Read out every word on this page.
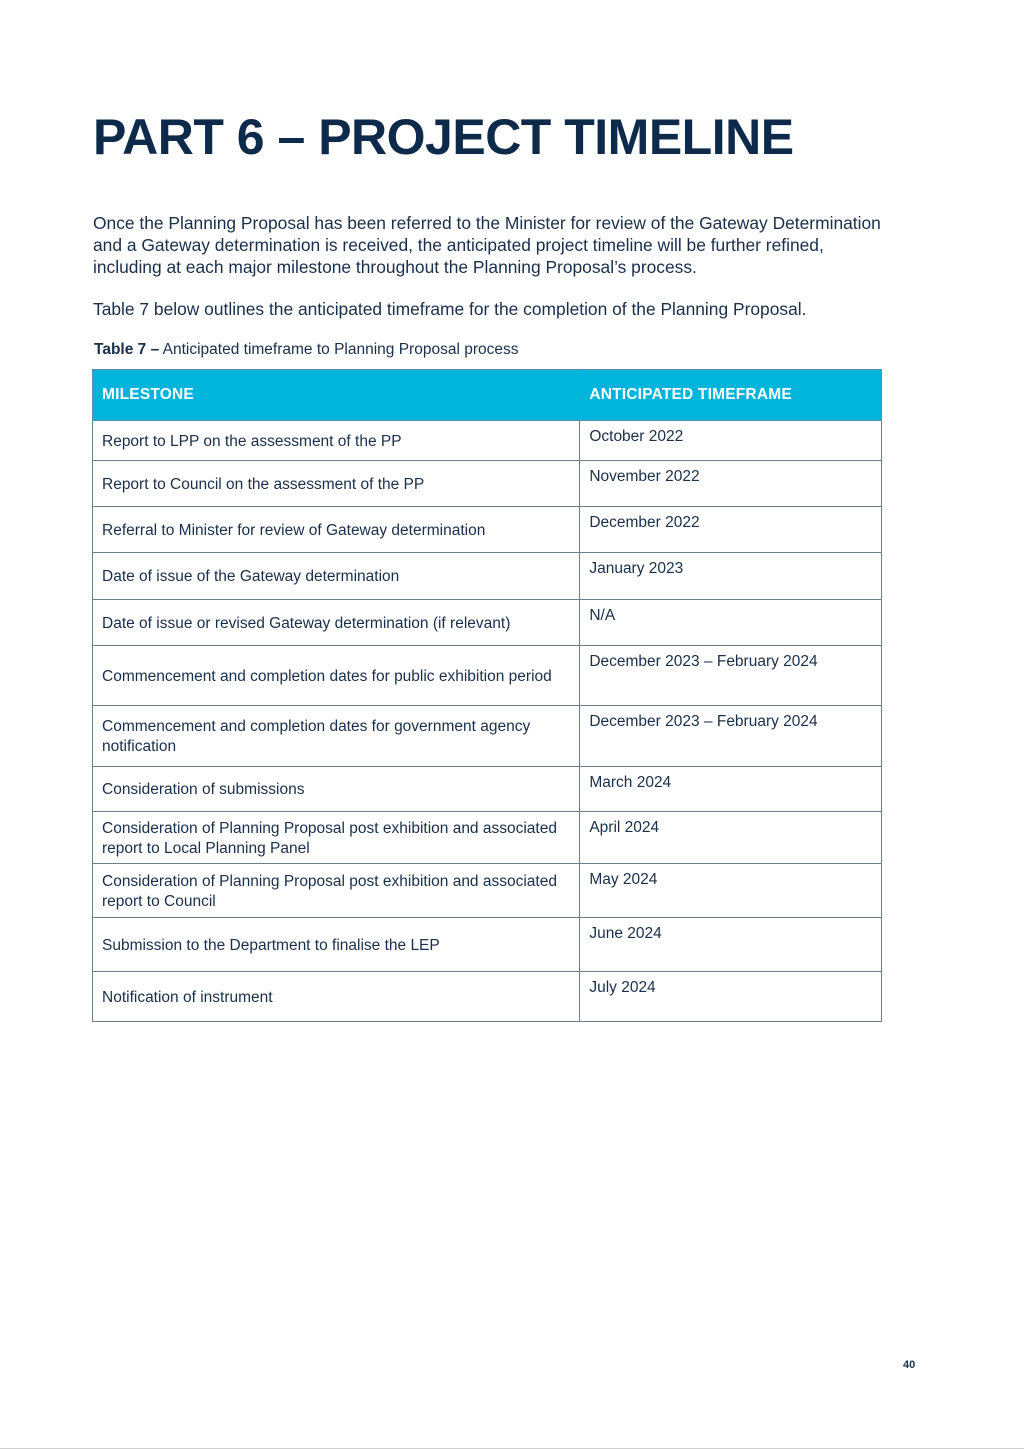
PART 6 – PROJECT TIMELINE

Once the Planning Proposal has been referred to the Minister for review of the Gateway Determination and a Gateway determination is received, the anticipated project timeline will be further refined, including at each major milestone throughout the Planning Proposal’s process.

Table 7 below outlines the anticipated timeframe for the completion of the Planning Proposal.

Table 7 – Anticipated timeframe to Planning Proposal process

MILESTONE	ANTICIPATED TIMEFRAME
Report to LPP on the assessment of the PP	October 2022
Report to Council on the assessment of the PP	November 2022
Referral to Minister for review of Gateway determination	December 2022
Date of issue of the Gateway determination	January 2023
Date of issue or revised Gateway determination (if relevant)	N/A
Commencement and completion dates for public exhibition period	December 2023 – February 2024
Commencement and completion dates for government agency notification	December 2023 – February 2024
Consideration of submissions	March 2024
Consideration of Planning Proposal post exhibition and associated report to Local Planning Panel	April 2024
Consideration of Planning Proposal post exhibition and associated report to Council	May 2024
Submission to the Department to finalise the LEP	June 2024
Notification of instrument	July 2024
40
